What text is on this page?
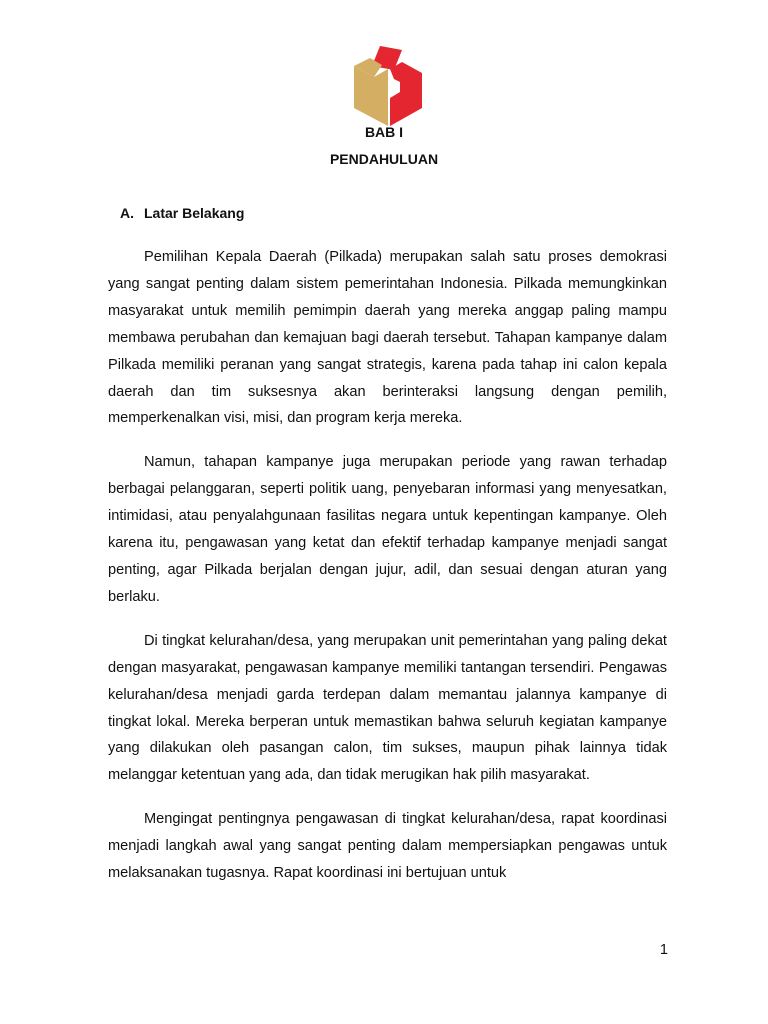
BAB I
PENDAHULUAN
A. Latar Belakang

Pemilihan Kepala Daerah (Pilkada) merupakan salah satu proses demokrasi yang sangat penting dalam sistem pemerintahan Indonesia. Pilkada memungkinkan masyarakat untuk memilih pemimpin daerah yang mereka anggap paling mampu membawa perubahan dan kemajuan bagi daerah tersebut. Tahapan kampanye dalam Pilkada memiliki peranan yang sangat strategis, karena pada tahap ini calon kepala daerah dan tim suksesnya akan berinteraksi langsung dengan pemilih, memperkenalkan visi, misi, dan program kerja mereka.

Namun, tahapan kampanye juga merupakan periode yang rawan terhadap berbagai pelanggaran, seperti politik uang, penyebaran informasi yang menyesatkan, intimidasi, atau penyalahgunaan fasilitas negara untuk kepentingan kampanye. Oleh karena itu, pengawasan yang ketat dan efektif terhadap kampanye menjadi sangat penting, agar Pilkada berjalan dengan jujur, adil, dan sesuai dengan aturan yang berlaku.

Di tingkat kelurahan/desa, yang merupakan unit pemerintahan yang paling dekat dengan masyarakat, pengawasan kampanye memiliki tantangan tersendiri. Pengawas kelurahan/desa menjadi garda terdepan dalam memantau jalannya kampanye di tingkat lokal. Mereka berperan untuk memastikan bahwa seluruh kegiatan kampanye yang dilakukan oleh pasangan calon, tim sukses, maupun pihak lainnya tidak melanggar ketentuan yang ada, dan tidak merugikan hak pilih masyarakat.

Mengingat pentingnya pengawasan di tingkat kelurahan/desa, rapat koordinasi menjadi langkah awal yang sangat penting dalam mempersiapkan pengawas untuk melaksanakan tugasnya. Rapat koordinasi ini bertujuan untuk

1
